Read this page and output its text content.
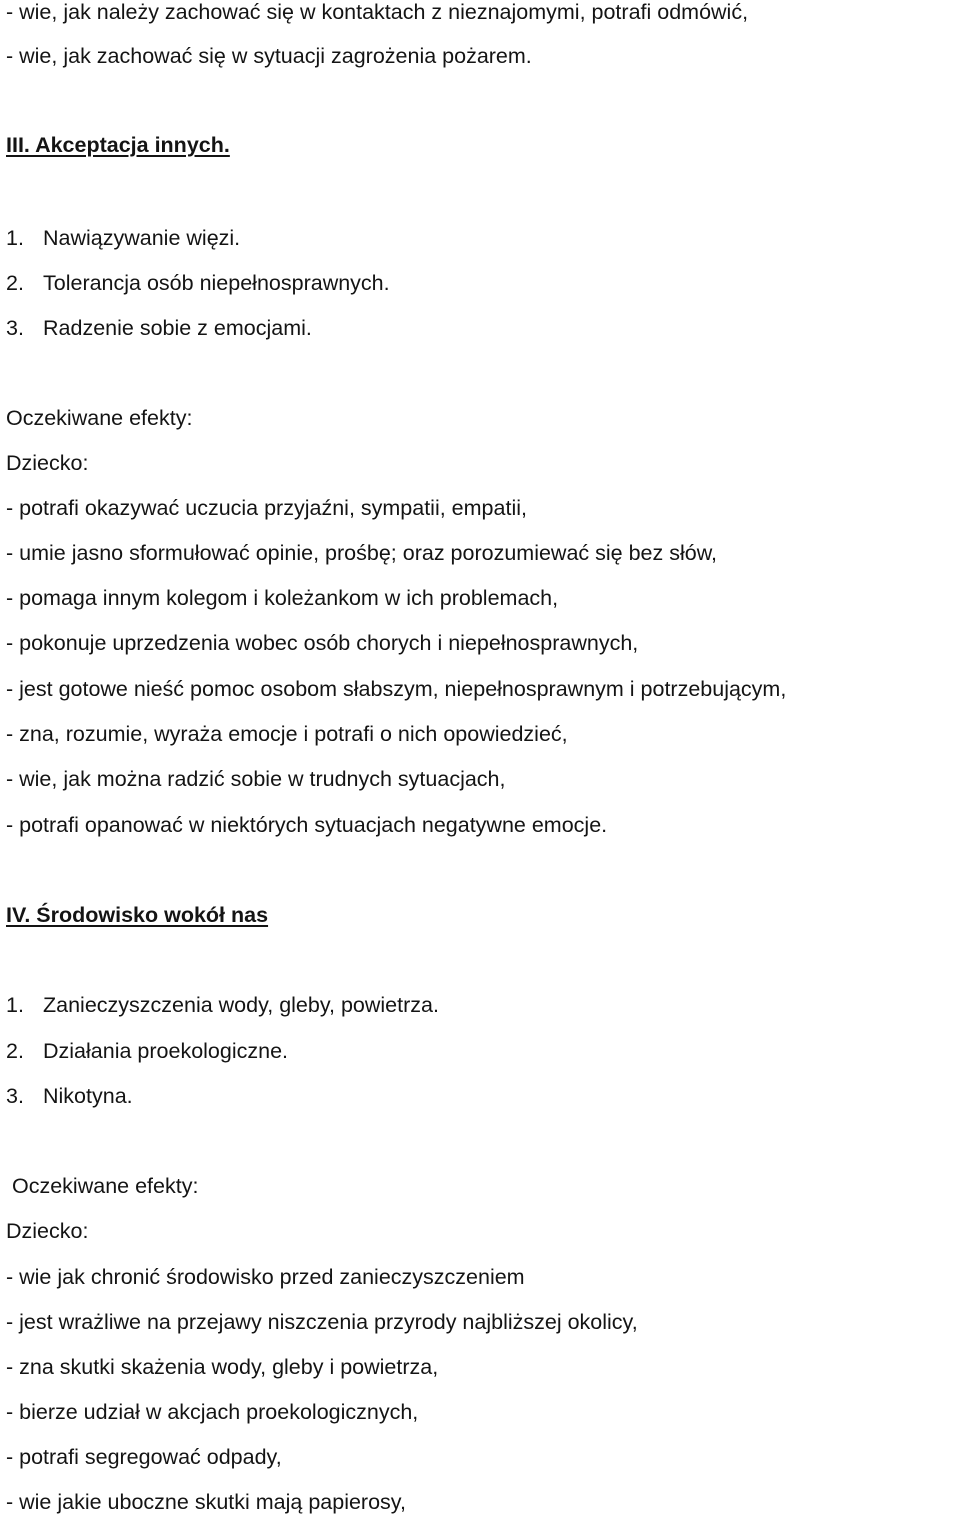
- wie, jak należy zachować się w kontaktach z nieznajomymi, potrafi odmówić,
- wie, jak zachować się w sytuacji zagrożenia pożarem.
III. Akceptacja innych.
1. Nawiązywanie więzi.
2. Tolerancja osób niepełnosprawnych.
3. Radzenie sobie z emocjami.
Oczekiwane efekty:
Dziecko:
- potrafi okazywać uczucia przyjaźni, sympatii, empatii,
- umie jasno sformułować opinie, prośbę; oraz porozumiewać się bez słów,
- pomaga innym kolegom i koleżankom w ich problemach,
- pokonuje uprzedzenia wobec osób chorych i niepełnosprawnych,
- jest gotowe nieść pomoc osobom słabszym, niepełnosprawnym i potrzebującym,
- zna, rozumie, wyraża emocje i potrafi o nich opowiedzieć,
- wie, jak można radzić sobie w trudnych sytuacjach,
- potrafi opanować w niektórych sytuacjach negatywne emocje.
IV. Środowisko wokół nas
1. Zanieczyszczenia wody, gleby, powietrza.
2. Działania proekologiczne.
3. Nikotyna.
Oczekiwane efekty:
Dziecko:
- wie jak chronić środowisko przed zanieczyszczeniem
- jest wrażliwe na przejawy niszczenia przyrody najbliższej okolicy,
- zna skutki skażenia wody, gleby i powietrza,
- bierze udział w akcjach proekologicznych,
- potrafi segregować odpady,
- wie jakie uboczne skutki mają papierosy,
